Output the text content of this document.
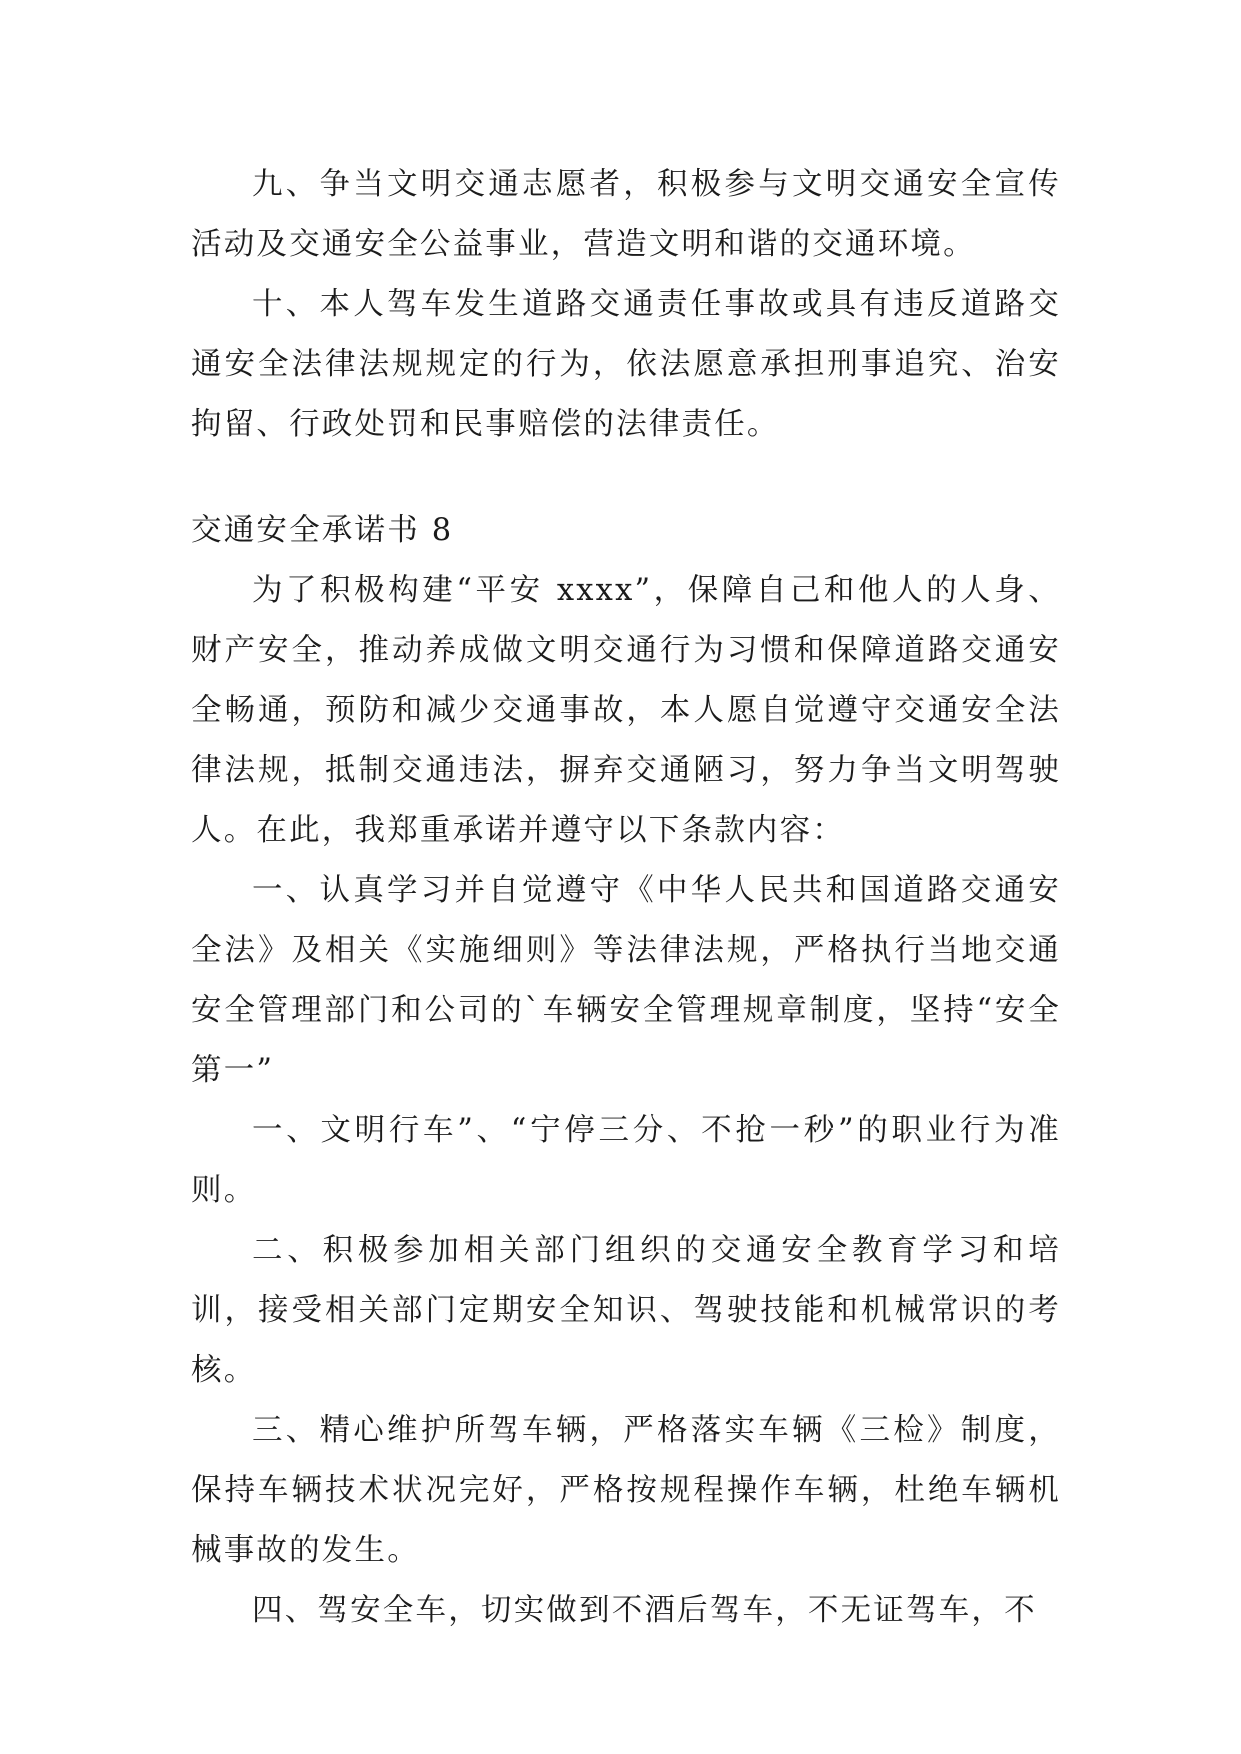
九、争当文明交通志愿者，积极参与文明交通安全宣传活动及交通安全公益事业，营造文明和谐的交通环境。

十、本人驾车发生道路交通责任事故或具有违反道路交通安全法律法规规定的行为，依法愿意承担刑事追究、治安拘留、行政处罚和民事赔偿的法律责任。

交通安全承诺书 8

为了积极构建“平安 xxxx”，保障自己和他人的人身、财产安全，推动养成做文明交通行为习惯和保障道路交通安全畅通，预防和减少交通事故，本人愿自觉遵守交通安全法律法规，抵制交通违法，摒弃交通陋习，努力争当文明驾驶人。在此，我郑重承诺并遵守以下条款内容：

一、认真学习并自觉遵守《中华人民共和国道路交通安全法》及相关《实施细则》等法律法规，严格执行当地交通安全管理部门和公司的`车辆安全管理规章制度，坚持“安全第一”

一、文明行车”、“宁停三分、不抢一秒”的职业行为准则。

二、积极参加相关部门组织的交通安全教育学习和培训，接受相关部门定期安全知识、驾驶技能和机械常识的考核。

三、精心维护所驾车辆，严格落实车辆《三检》制度，保持车辆技术状况完好，严格按规程操作车辆，杜绝车辆机械事故的发生。

四、驾安全车，切实做到不酒后驾车，不无证驾车，不
